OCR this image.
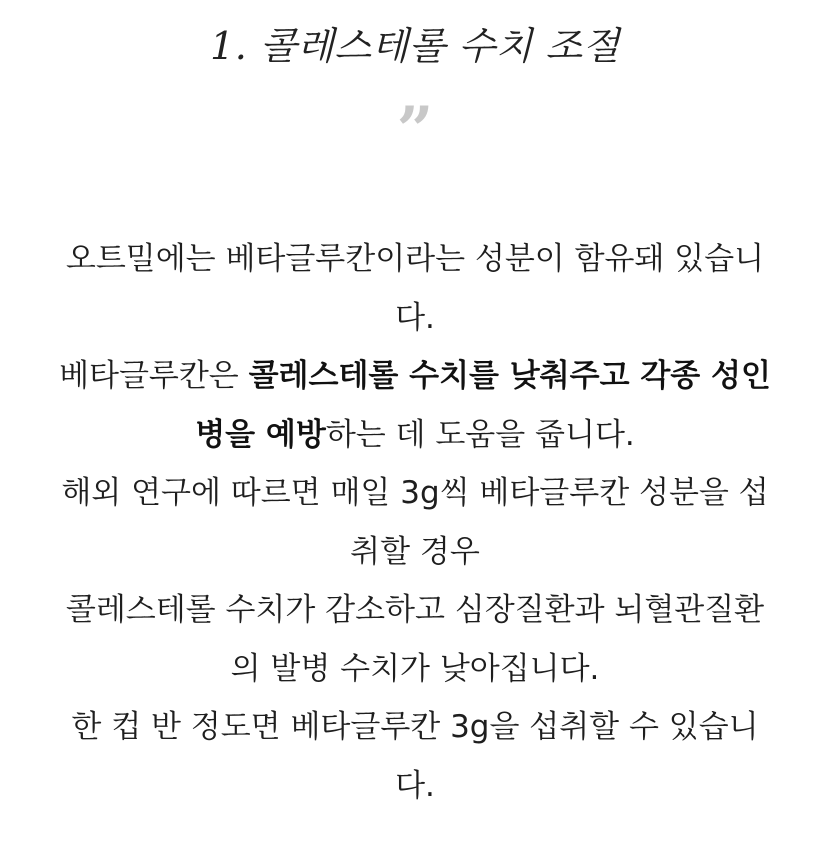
1. 콜레스테롤 수치 조절
”
오트밀에는 베타글루칸이라는 성분이 함유돼 있습니
다.
베타글루칸은 콜레스테롤 수치를 낮춰주고 각종 성인
병을 예방하는 데 도움을 줍니다.
해외 연구에 따르면 매일 3g씩 베타글루칸 성분을 섭
취할 경우
콜레스테롤 수치가 감소하고 심장질환과 뇌혈관질환
의 발병 수치가 낮아집니다.
한 컵 반 정도면 베타글루칸 3g을 섭취할 수 있습니
다.
